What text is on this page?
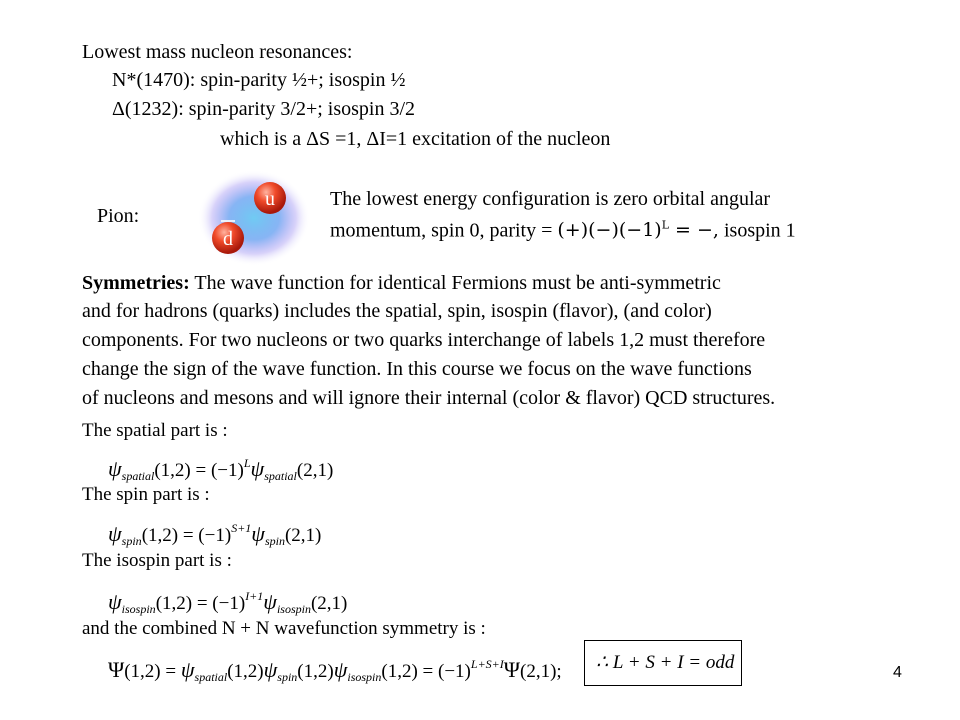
Lowest mass nucleon resonances:
N*(1470): spin-parity ½+; isospin ½
Δ(1232): spin-parity 3/2+; isospin 3/2
which is a ΔS =1, ΔI=1 excitation of the nucleon
Pion:
u
d
The lowest energy configuration is zero orbital angular
momentum, spin 0, parity = $(+)(-)(-1)^L$ = −, isospin 1
Symmetries: The wave function for identical Fermions must be anti-symmetric
and for hadrons (quarks) includes the spatial, spin, isospin (flavor), (and color)
components. For two nucleons or two quarks interchange of labels 1,2 must therefore
change the sign of the wave function. In this course we focus on the wave functions
of nucleons and mesons and will ignore their internal (color & flavor) QCD structures.
The spatial part is :
$\psi_{spatial}(1,2) = (-1)^L\psi_{spatial}(2,1)$
The spin part is :
$\psi_{spin}(1,2) = (-1)^{S+1}\psi_{spin}(2,1)$
The isospin part is :
$\psi_{isospin}(1,2) = (-1)^{I+1}\psi_{isospin}(2,1)$
and the combined N + N wavefunction symmetry is :
$\Psi(1,2) = \psi_{spatial}(1,2)\psi_{spin}(1,2)\psi_{isospin}(1,2) = (-1)^{L+S+I}\Psi(2,1)$; ∴ L + S + I = odd	4
